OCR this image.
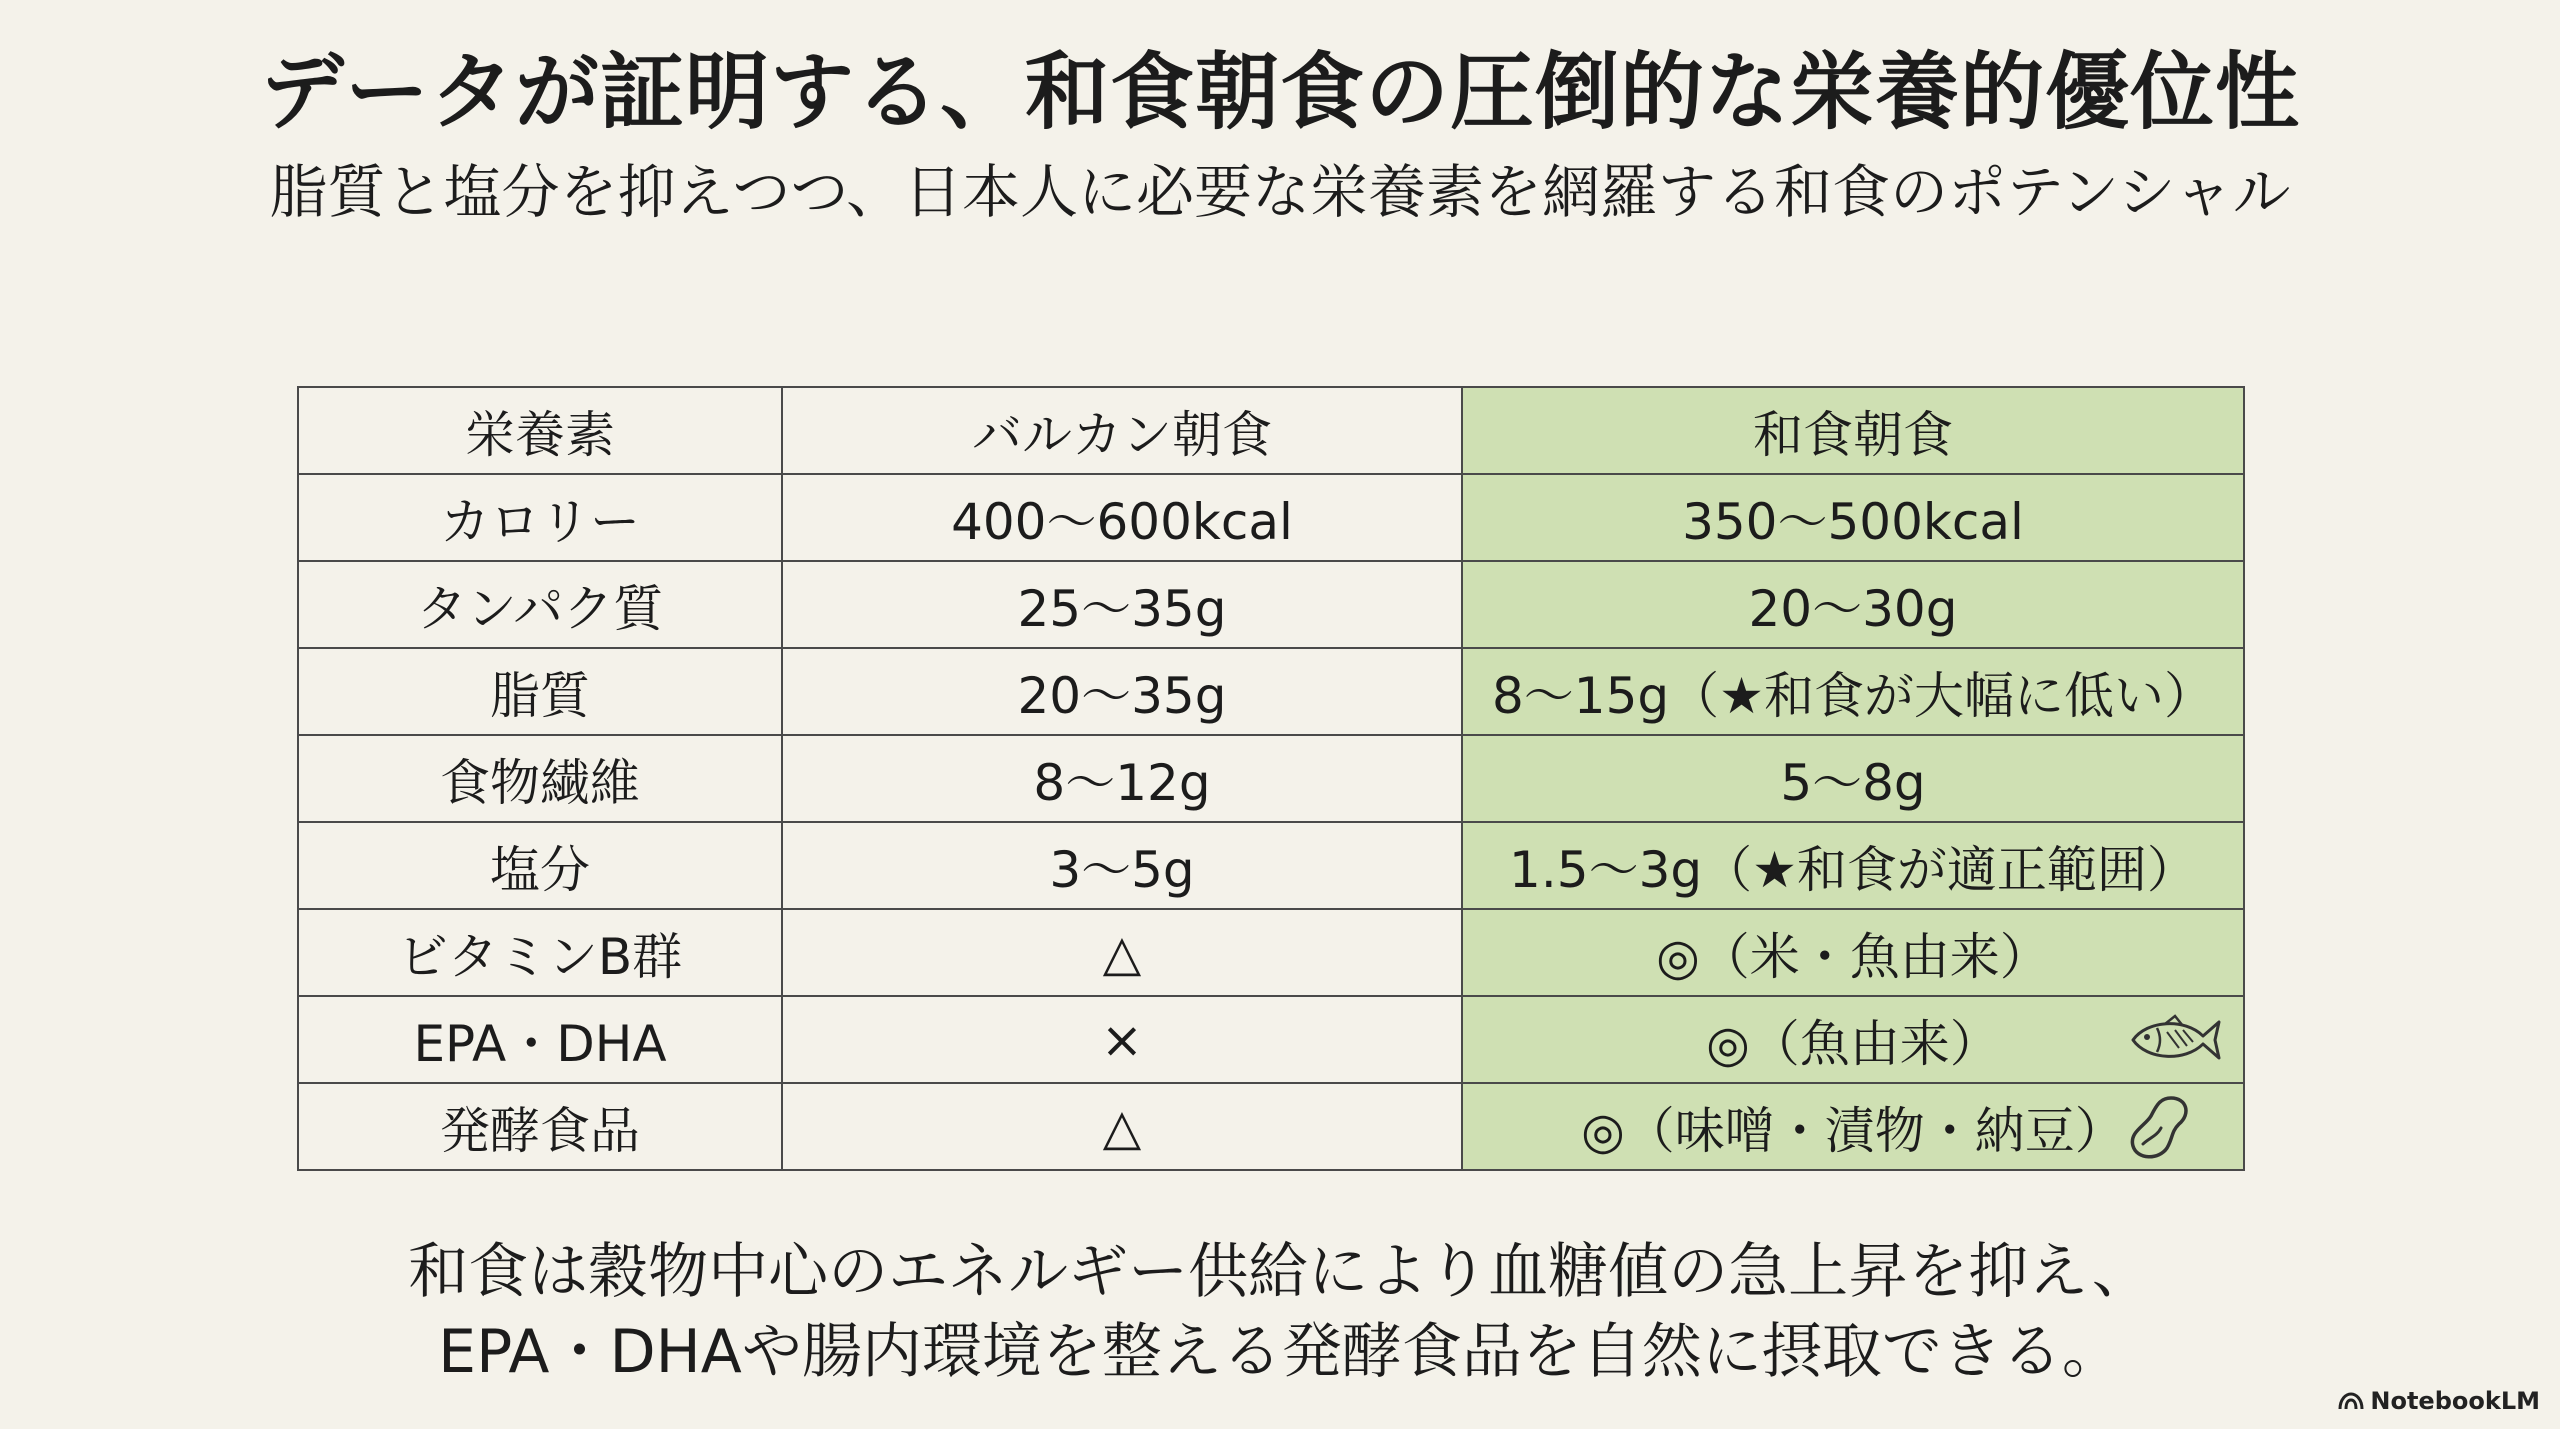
データが証明する、和食朝食の圧倒的な栄養的優位性
脂質と塩分を抑えつつ、日本人に必要な栄養素を網羅する和食のポテンシャル
栄養素	バルカン朝食	和食朝食
カロリー	400〜600kcal	350〜500kcal
タンパク質	25〜35g	20〜30g
脂質	20〜35g	8〜15g（★和食が大幅に低い）
食物繊維	8〜12g	5〜8g
塩分	3〜5g	1.5〜3g（★和食が適正範囲）
ビタミンB群	△	◎（米・魚由来）
EPA・DHA	×	◎（魚由来）

発酵食品	△	◎（味噌・漬物・納豆）
和食は穀物中心のエネルギー供給により血糖値の急上昇を抑え、
EPA・DHAや腸内環境を整える発酵食品を自然に摂取できる。
NotebookLM
